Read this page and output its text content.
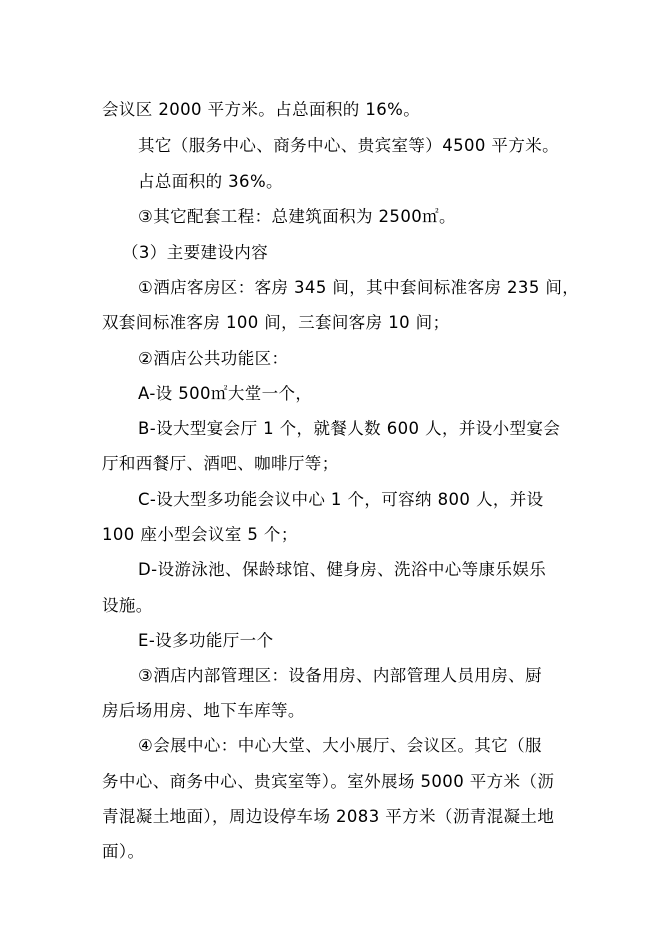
会议区 2000 平方米。占总面积的 16%。
其它（服务中心、商务中心、贵宾室等）4500 平方米。
占总面积的 36%。
③其它配套工程：总建筑面积为 2500㎡。
（3）主要建设内容
①酒店客房区：客房 345 间，其中套间标准客房 235 间，
双套间标准客房 100 间，三套间客房 10 间；
②酒店公共功能区：
A-设 500㎡大堂一个，
B-设大型宴会厅 1 个，就餐人数 600 人，并设小型宴会
厅和西餐厅、酒吧、咖啡厅等；
C-设大型多功能会议中心 1 个，可容纳 800 人，并设
100 座小型会议室 5 个；
D-设游泳池、保龄球馆、健身房、洗浴中心等康乐娱乐
设施。
E-设多功能厅一个
③酒店内部管理区：设备用房、内部管理人员用房、厨
房后场用房、地下车库等。
④会展中心：中心大堂、大小展厅、会议区。其它（服
务中心、商务中心、贵宾室等）。室外展场 5000 平方米（沥
青混凝土地面），周边设停车场 2083 平方米（沥青混凝土地
面）。
